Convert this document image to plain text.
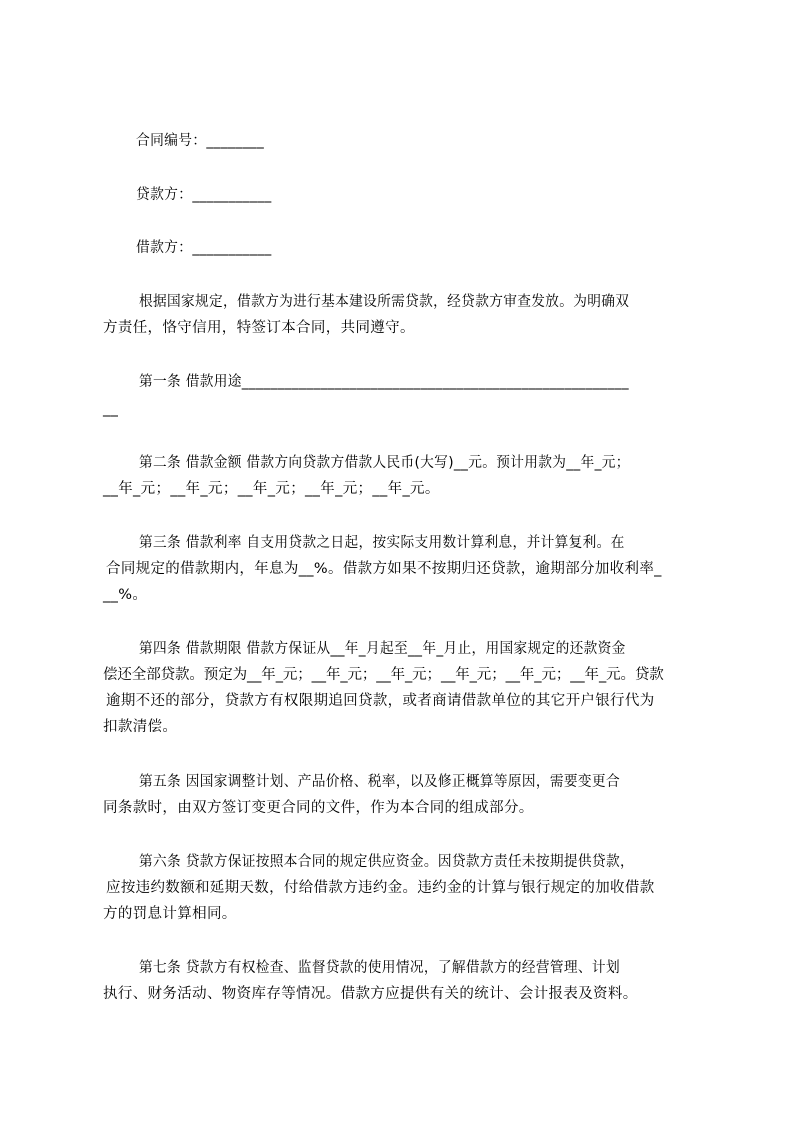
合同编号：________
贷款方：___________
借款方：___________
根据国家规定，借款方为进行基本建设所需贷款，经贷款方审查发放。为明确双
方责任，恪守信用，特签订本合同，共同遵守。
第一条 借款用途______________________________________________________
__
第二条 借款金额 借款方向贷款方借款人民币(大写)__元。预计用款为__年_元；
__年_元；__年_元；__年_元；__年_元；__年_元。
第三条 借款利率 自支用贷款之日起，按实际支用数计算利息，并计算复利。在
合同规定的借款期内，年息为__%。借款方如果不按期归还贷款，逾期部分加收利率_
__%。
第四条 借款期限 借款方保证从__年_月起至__年_月止，用国家规定的还款资金
偿还全部贷款。预定为__年_元；__年_元；__年_元；__年_元；__年_元；__年_元。贷款
逾期不还的部分，贷款方有权限期追回贷款，或者商请借款单位的其它开户银行代为
扣款清偿。
第五条 因国家调整计划、产品价格、税率，以及修正概算等原因，需要变更合
同条款时，由双方签订变更合同的文件，作为本合同的组成部分。
第六条 贷款方保证按照本合同的规定供应资金。因贷款方责任未按期提供贷款，
应按违约数额和延期天数，付给借款方违约金。违约金的计算与银行规定的加收借款
方的罚息计算相同。
第七条 贷款方有权检查、监督贷款的使用情况，了解借款方的经营管理、计划
执行、财务活动、物资库存等情况。借款方应提供有关的统计、会计报表及资料。
